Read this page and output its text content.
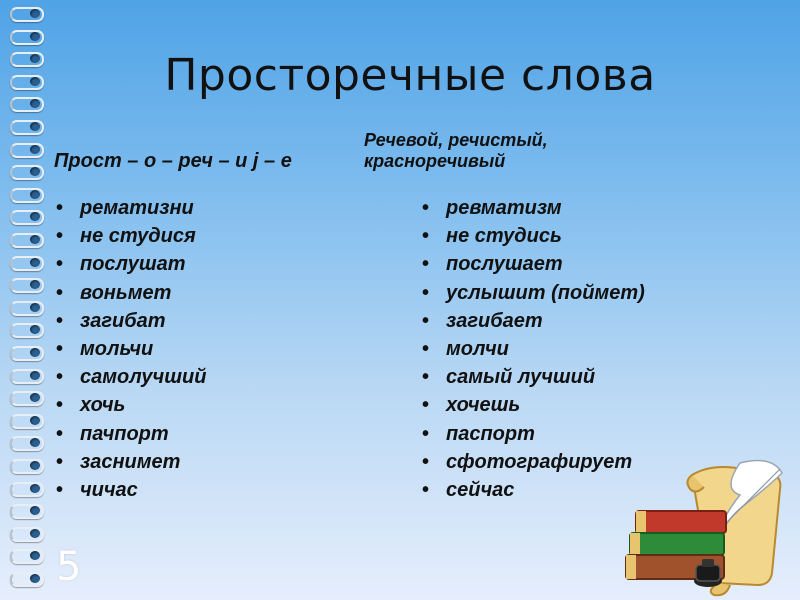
Просторечные слова
Прост – о – реч – и j – е
Речевой, речистый,
красноречивый
• рематизни
• не студися
• послушат
• воньмет
• загибат
• мольчи
• самолучший
• хочь
• пачпорт
• заснимет
• чичас
• ревматизм
• не студись
• послушает
• услышит (поймет)
• загибает
• молчи
• самый лучший
• хочешь
• паспорт
• сфотографирует
• сейчас
5
